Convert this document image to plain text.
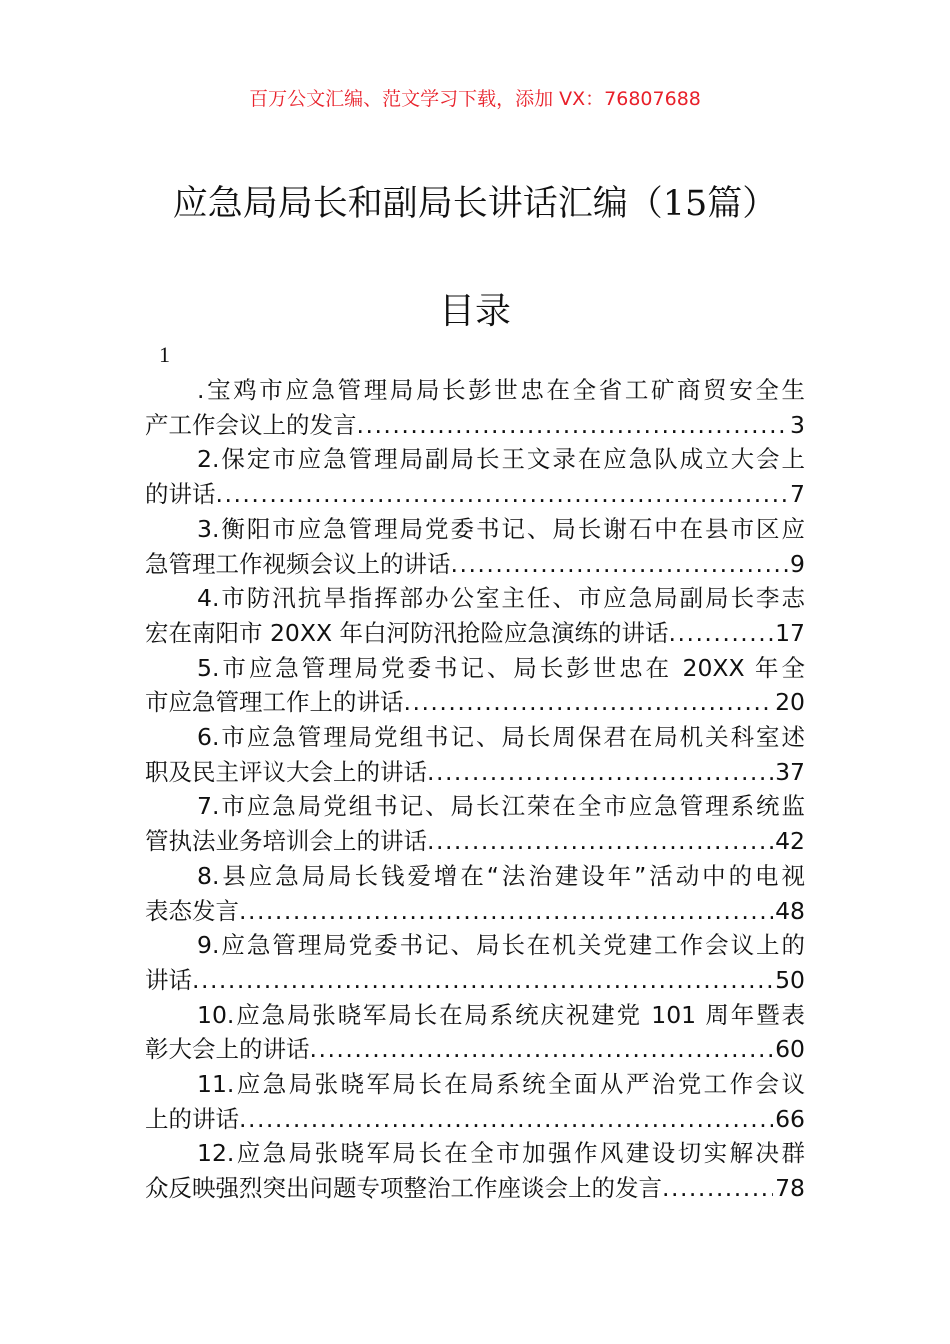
百万公文汇编、范文学习下载，添加 VX：76807688
应急局局长和副局长讲话汇编（15篇）
目录
1
.宝鸡市应急管理局局长彭世忠在全省工矿商贸安全生
产工作会议上的发言 .....	3
2.保定市应急管理局副局长王文录在应急队成立大会上
的讲话 .....	7
3.衡阳市应急管理局党委书记、局长谢石中在县市区应
急管理工作视频会议上的讲话 .....	9
4.市防汛抗旱指挥部办公室主任、市应急局副局长李志
宏在南阳市 20XX 年白河防汛抢险应急演练的讲话 .....	17
5.市应急管理局党委书记、局长彭世忠在 20XX 年全
市应急管理工作上的讲话 .....	20
6.市应急管理局党组书记、局长周保君在局机关科室述
职及民主评议大会上的讲话 .....	37
7.市应急局党组书记、局长江荣在全市应急管理系统监
管执法业务培训会上的讲话 .....	42
8.县应急局局长钱爱增在“法治建设年”活动中的电视
表态发言 .....	48
9.应急管理局党委书记、局长在机关党建工作会议上的
讲话 .....	50
10.应急局张晓军局长在局系统庆祝建党 101 周年暨表
彰大会上的讲话 .....	60
11.应急局张晓军局长在局系统全面从严治党工作会议
上的讲话 .....	66
12.应急局张晓军局长在全市加强作风建设切实解决群
众反映强烈突出问题专项整治工作座谈会上的发言 .....	78
